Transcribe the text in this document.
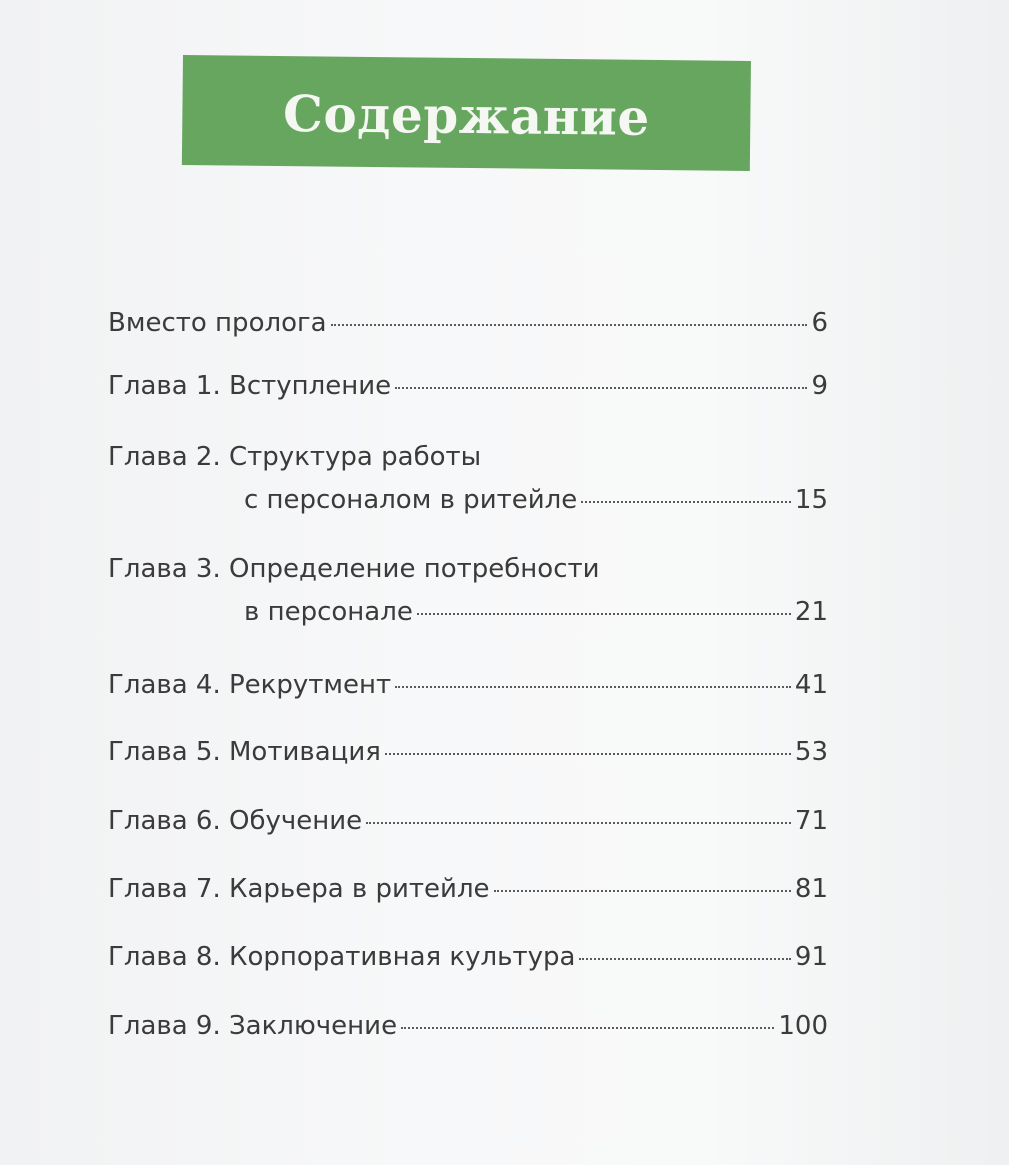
Содержание
Вместо пролога	6
Глава 1. Вступление	9
Глава 2. Структура работы
с персоналом в ритейле	15
Глава 3. Определение потребности
в персонале	21
Глава 4. Рекрутмент	41
Глава 5. Мотивация	53
Глава 6. Обучение	71
Глава 7. Карьера в ритейле	81
Глава 8. Корпоративная культура	91
Глава 9. Заключение	100
